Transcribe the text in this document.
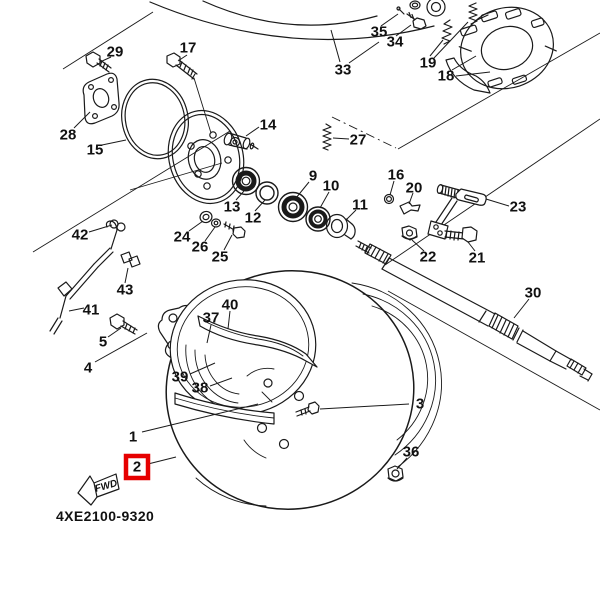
FWD
4XE2100-9320
1
2
3
4
5
9
10
11
12
13
14
15
16
17
18
19
20
21
22
23
24
25
26
27
28
29
30
33
34
35
36
37
38
39
40
41
42
43
